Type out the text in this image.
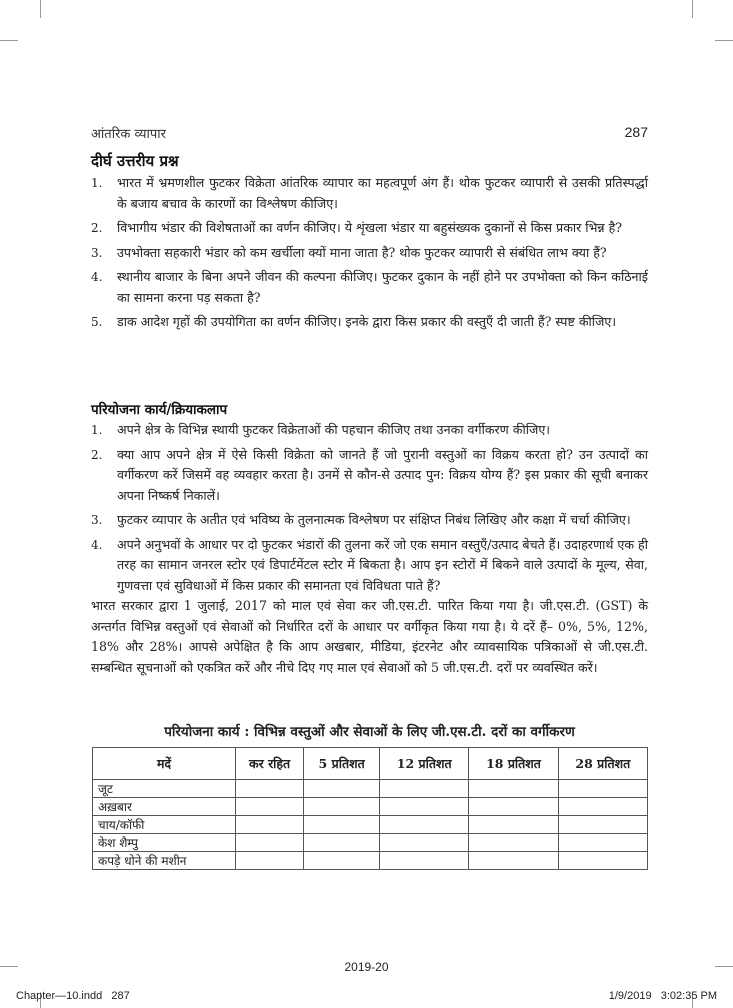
आंतरिक व्यापार	287
दीर्घ उत्तरीय प्रश्न
1. भारत में भ्रमणशील फुटकर विक्रेता आंतरिक व्यापार का महत्वपूर्ण अंग हैं। थोक फुटकर व्यापारी से उसकी प्रतिस्पर्द्धा के बजाय बचाव के कारणों का विश्लेषण कीजिए।
2. विभागीय भंडार की विशेषताओं का वर्णन कीजिए। ये शृंखला भंडार या बहुसंख्यक दुकानों से किस प्रकार भिन्न है?
3. उपभोक्ता सहकारी भंडार को कम खर्चीला क्यों माना जाता है? थोक फुटकर व्यापारी से संबंधित लाभ क्या हैं?
4. स्थानीय बाजार के बिना अपने जीवन की कल्पना कीजिए। फुटकर दुकान के नहीं होने पर उपभोक्ता को किन कठिनाई का सामना करना पड़ सकता है?
5. डाक आदेश गृहों की उपयोगिता का वर्णन कीजिए। इनके द्वारा किस प्रकार की वस्तुएँ दी जाती हैं? स्पष्ट कीजिए।
परियोजना कार्य/क्रियाकलाप
1. अपने क्षेत्र के विभिन्न स्थायी फुटकर विक्रेताओं की पहचान कीजिए तथा उनका वर्गीकरण कीजिए।
2. क्या आप अपने क्षेत्र में ऐसे किसी विक्रेता को जानते हैं जो पुरानी वस्तुओं का विक्रय करता हो? उन उत्पादों का वर्गीकरण करें जिसमें वह व्यवहार करता है। उनमें से कौन-से उत्पाद पुन: विक्रय योग्य हैं? इस प्रकार की सूची बनाकर अपना निष्कर्ष निकालें।
3. फुटकर व्यापार के अतीत एवं भविष्य के तुलनात्मक विश्लेषण पर संक्षिप्त निबंध लिखिए और कक्षा में चर्चा कीजिए।
4. अपने अनुभवों के आधार पर दो फुटकर भंडारों की तुलना करें जो एक समान वस्तुएँ/उत्पाद बेचते हैं। उदाहरणार्थ एक ही तरह का सामान जनरल स्टोर एवं डिपार्टमेंटल स्टोर में बिकता है। आप इन स्टोरों में बिकने वाले उत्पादों के मूल्य, सेवा, गुणवत्ता एवं सुविधाओं में किस प्रकार की समानता एवं विविधता पाते हैं?
भारत सरकार द्वारा 1 जुलाई, 2017 को माल एवं सेवा कर जी.एस.टी. पारित किया गया है। जी.एस.टी. (GST) के अन्तर्गत विभिन्न वस्तुओं एवं सेवाओं को निर्धारित दरों के आधार पर वर्गीकृत किया गया है। ये दरें हैं– 0%, 5%, 12%, 18% और 28%। आपसे अपेक्षित है कि आप अखबार, मीडिया, इंटरनेट और व्यावसायिक पत्रिकाओं से जी.एस.टी. सम्बन्धित सूचनाओं को एकत्रित करें और नीचे दिए गए माल एवं सेवाओं को 5 जी.एस.टी. दरों पर व्यवस्थित करें।
परियोजना कार्य : विभिन्न वस्तुओं और सेवाओं के लिए जी.एस.टी. दरों का वर्गीकरण
मदें	कर रहित	5 प्रतिशत	12 प्रतिशत	18 प्रतिशत	28 प्रतिशत
जूट					
अख़बार					
चाय/कॉफी					
केश शैम्पु					
कपड़े धोने की मशीन					
2019-20
Chapter—10.indd   287	1/9/2019   3:02:35 PM
